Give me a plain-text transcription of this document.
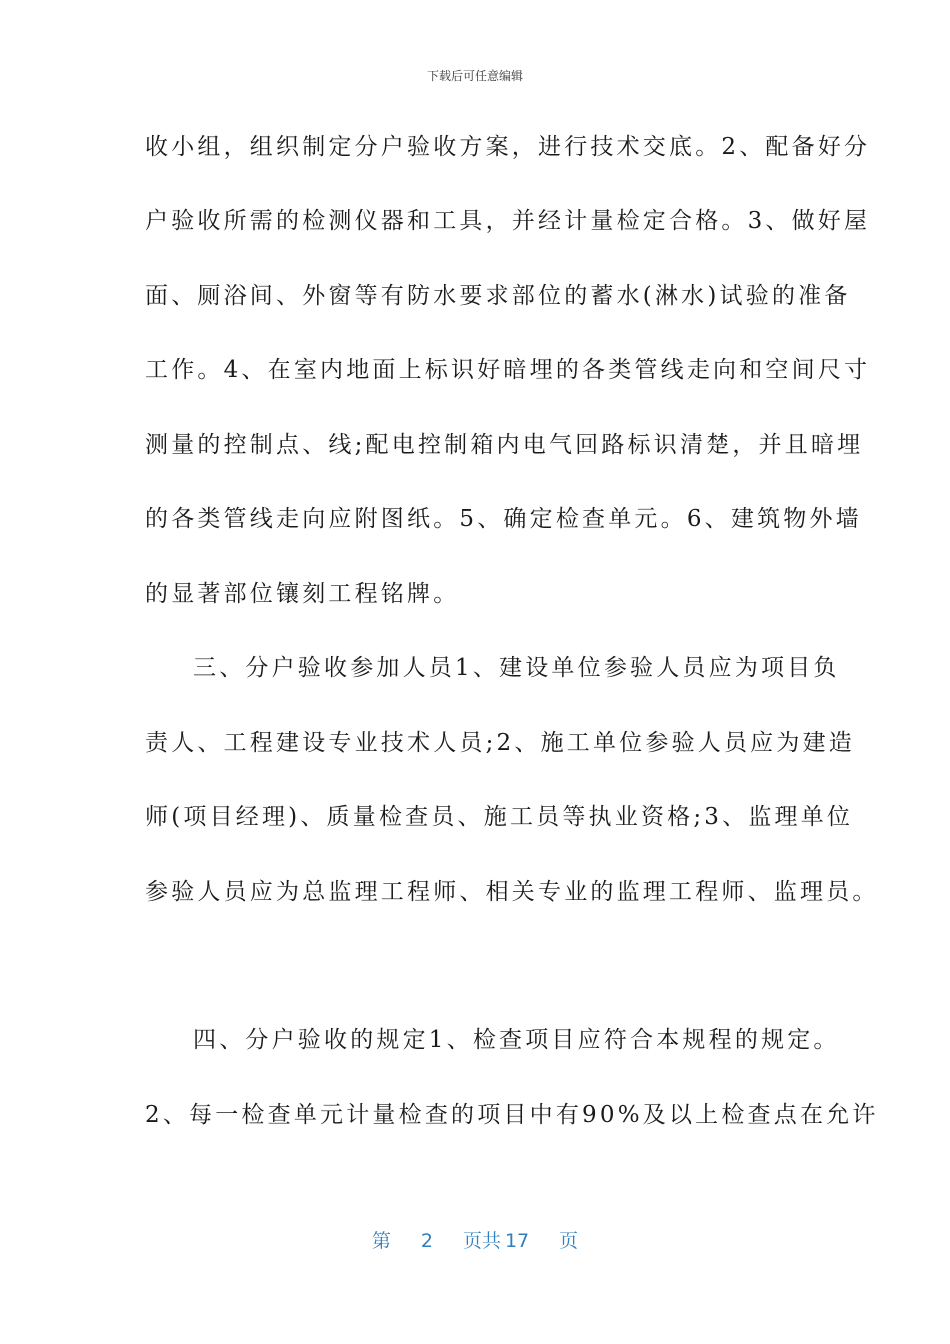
下载后可任意编辑
收小组，组织制定分户验收方案，进行技术交底。2、配备好分
户验收所需的检测仪器和工具，并经计量检定合格。3、做好屋
面、厕浴间、外窗等有防水要求部位的蓄水(淋水)试验的准备
工作。4、在室内地面上标识好暗埋的各类管线走向和空间尺寸
测量的控制点、线;配电控制箱内电气回路标识清楚，并且暗埋
的各类管线走向应附图纸。5、确定检查单元。6、建筑物外墙
的显著部位镶刻工程铭牌。
三、分户验收参加人员1、建设单位参验人员应为项目负
责人、工程建设专业技术人员;2、施工单位参验人员应为建造
师(项目经理)、质量检查员、施工员等执业资格;3、监理单位
参验人员应为总监理工程师、相关专业的监理工程师、监理员。
四、分户验收的规定1、检查项目应符合本规程的规定。
2、每一检查单元计量检查的项目中有90%及以上检查点在允许
第 2 页共 17 页
